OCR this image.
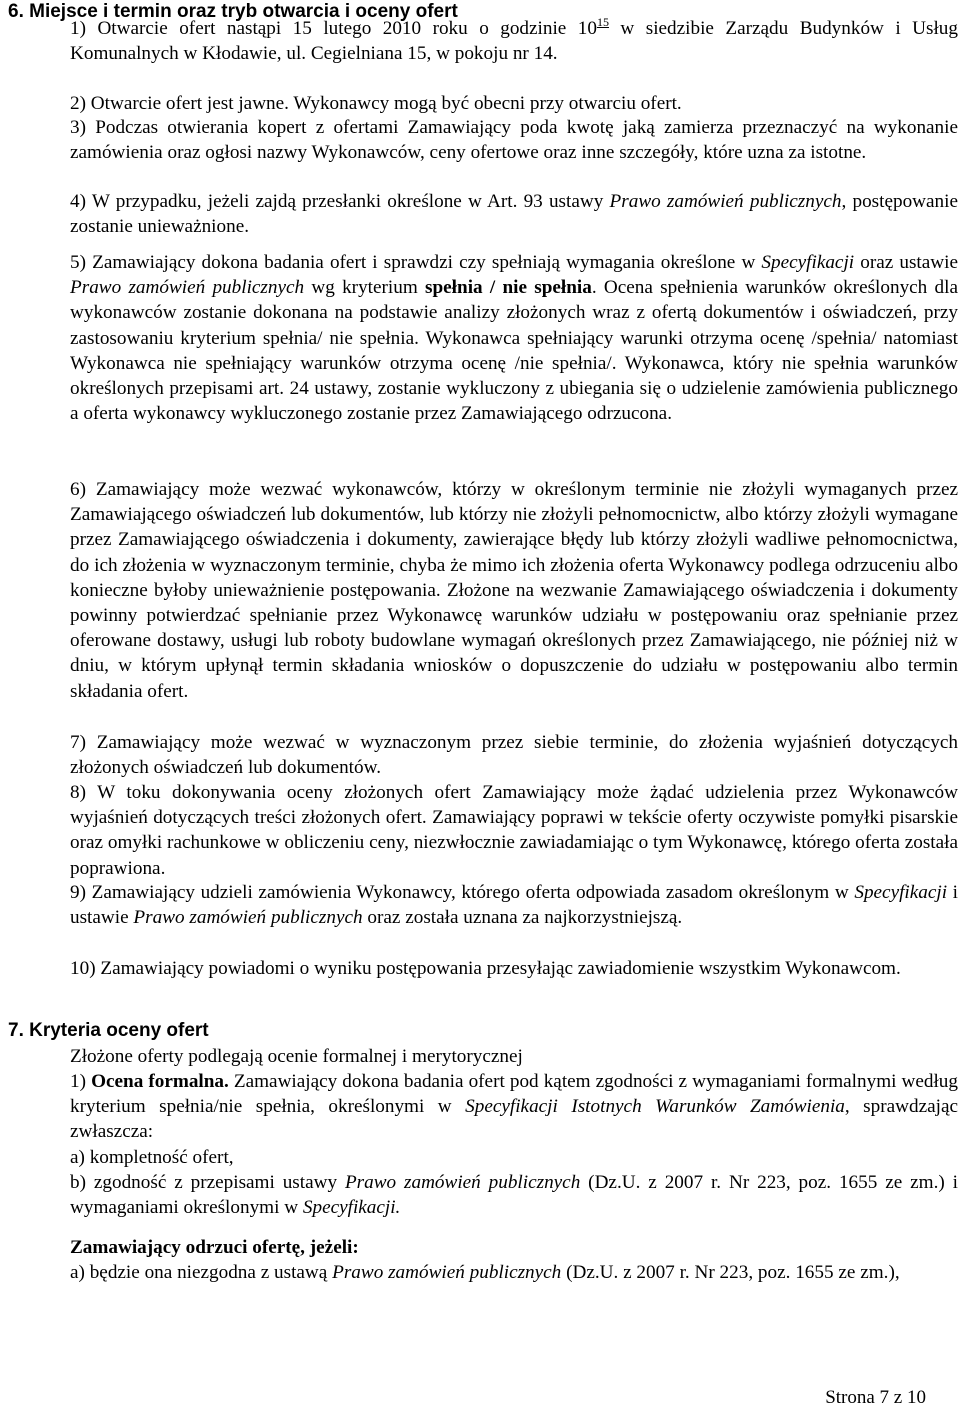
6. Miejsce i termin oraz tryb otwarcia i oceny ofert
1) Otwarcie ofert nastąpi 15 lutego 2010 roku o godzinie $10^{15}$ w siedzibie Zarządu Budynków i Usług Komunalnych w Kłodawie, ul. Cegielniana 15, w pokoju nr 14.
2) Otwarcie ofert jest jawne. Wykonawcy mogą być obecni przy otwarciu ofert.
3) Podczas otwierania kopert z ofertami Zamawiający poda kwotę jaką zamierza przeznaczyć na wykonanie zamówienia oraz ogłosi nazwy Wykonawców, ceny ofertowe oraz inne szczegóły, które uzna za istotne.
4) W przypadku, jeżeli zajdą przesłanki określone w Art. 93 ustawy Prawo zamówień publicznych, postępowanie zostanie unieważnione.
5) Zamawiający dokona badania ofert i sprawdzi czy spełniają wymagania określone w Specyfikacji oraz ustawie Prawo zamówień publicznych wg kryterium spełnia / nie spełnia. Ocena spełnienia warunków określonych dla wykonawców zostanie dokonana na podstawie analizy złożonych wraz z ofertą dokumentów i oświadczeń, przy zastosowaniu kryterium spełnia/ nie spełnia. Wykonawca spełniający warunki otrzyma ocenę /spełnia/ natomiast Wykonawca nie spełniający warunków otrzyma ocenę /nie spełnia/. Wykonawca, który nie spełnia warunków określonych przepisami art. 24 ustawy, zostanie wykluczony z ubiegania się o udzielenie zamówienia publicznego a oferta wykonawcy wykluczonego zostanie przez Zamawiającego odrzucona.
6) Zamawiający może wezwać wykonawców, którzy w określonym terminie nie złożyli wymaganych przez Zamawiającego oświadczeń lub dokumentów, lub którzy nie złożyli pełnomocnictw, albo którzy złożyli wymagane przez Zamawiającego oświadczenia i dokumenty, zawierające błędy lub którzy złożyli wadliwe pełnomocnictwa, do ich złożenia w wyznaczonym terminie, chyba że mimo ich złożenia oferta Wykonawcy podlega odrzuceniu albo konieczne byłoby unieważnienie postępowania. Złożone na wezwanie Zamawiającego oświadczenia i dokumenty powinny potwierdzać spełnianie przez Wykonawcę warunków udziału w postępowaniu oraz spełnianie przez oferowane dostawy, usługi lub roboty budowlane wymagań określonych przez Zamawiającego, nie później niż w dniu, w którym upłynął termin składania wniosków o dopuszczenie do udziału w postępowaniu albo termin składania ofert.
7) Zamawiający może wezwać w wyznaczonym przez siebie terminie, do złożenia wyjaśnień dotyczących złożonych oświadczeń lub dokumentów.
8) W toku dokonywania oceny złożonych ofert Zamawiający może żądać udzielenia przez Wykonawców wyjaśnień dotyczących treści złożonych ofert. Zamawiający poprawi w tekście oferty oczywiste pomyłki pisarskie oraz omyłki rachunkowe w obliczeniu ceny, niezwłocznie zawiadamiając o tym Wykonawcę, którego oferta została poprawiona.
9) Zamawiający udzieli zamówienia Wykonawcy, którego oferta odpowiada zasadom określonym w Specyfikacji i ustawie Prawo zamówień publicznych oraz została uznana za najkorzystniejszą.
10) Zamawiający powiadomi o wyniku postępowania przesyłając zawiadomienie wszystkim Wykonawcom.
7. Kryteria oceny ofert
Złożone oferty podlegają ocenie formalnej i merytorycznej
1) Ocena formalna. Zamawiający dokona badania ofert pod kątem zgodności z wymaganiami formalnymi według kryterium spełnia/nie spełnia, określonymi w Specyfikacji Istotnych Warunków Zamówienia, sprawdzając zwłaszcza:
a) kompletność ofert,
b) zgodność z przepisami ustawy Prawo zamówień publicznych (Dz.U. z 2007 r. Nr 223, poz. 1655 ze zm.) i wymaganiami określonymi w Specyfikacji.
Zamawiający odrzuci ofertę, jeżeli:
a) będzie ona niezgodna z ustawą Prawo zamówień publicznych (Dz.U. z 2007 r. Nr 223, poz. 1655 ze zm.),
Strona 7 z 10
